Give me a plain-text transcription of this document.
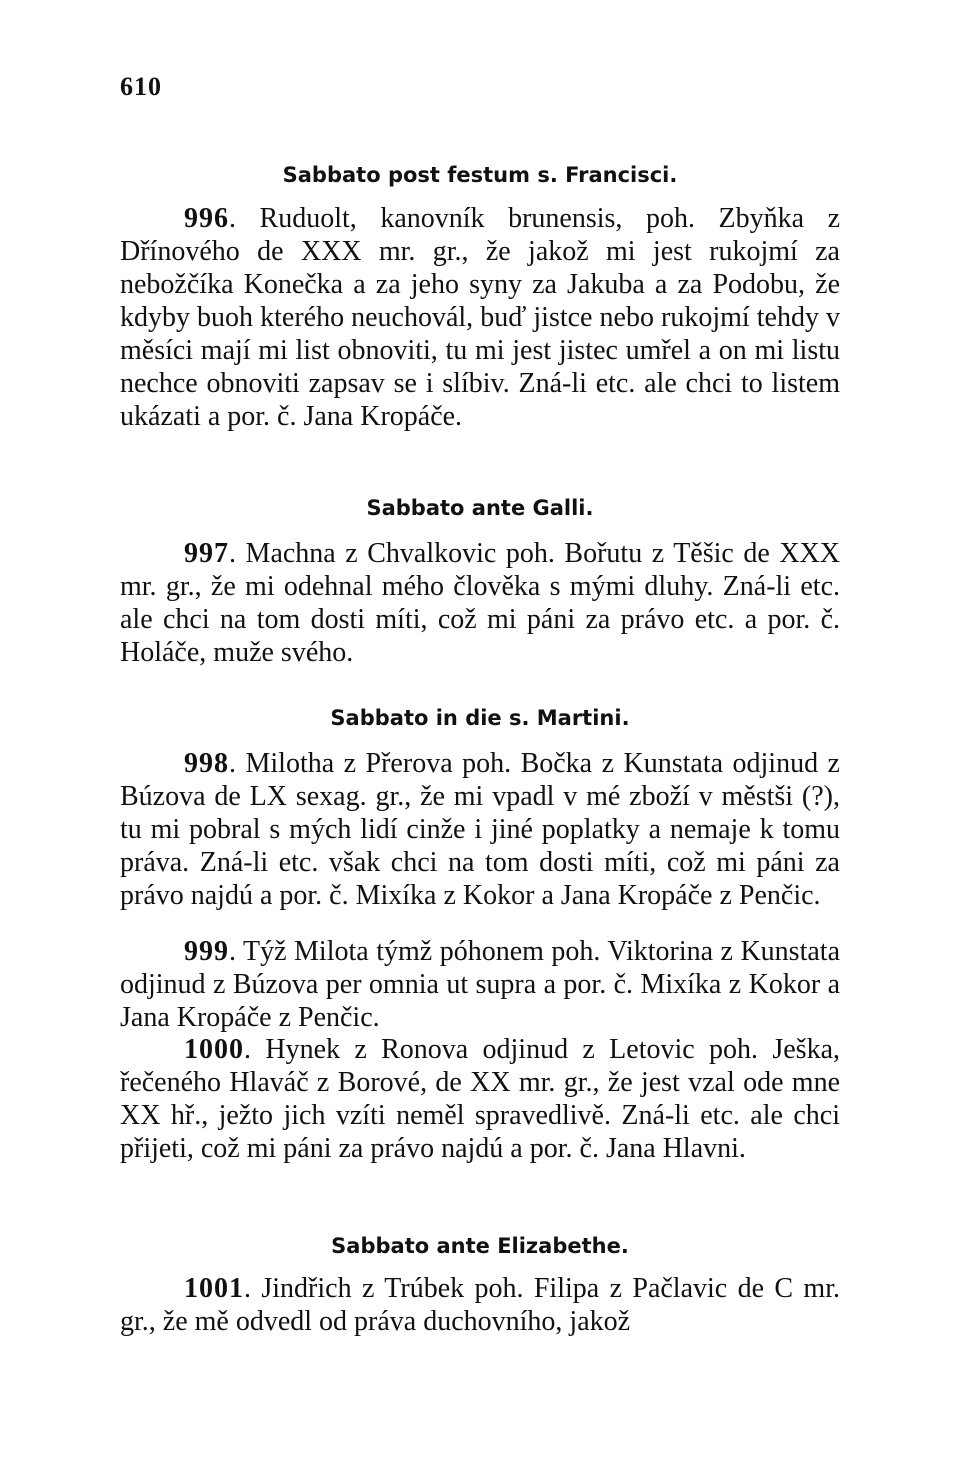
610
Sabbato post festum s. Francisci.
996. Ruduolt, kanovník brunensis, poh. Zbyňka z Dřínového de XXX mr. gr., že jakož mi jest rukojmí za nebožčíka Konečka a za jeho syny za Jakuba a za Podobu, že kdyby buoh kterého neuchovál, buď jistce nebo rukojmí tehdy v měsíci mají mi list obnoviti, tu mi jest jistec umřel a on mi listu nechce obnoviti zapsav se i slíbiv. Zná-li etc. ale chci to listem ukázati a por. č. Jana Kropáče.
Sabbato ante Galli.
997. Machna z Chvalkovic poh. Bořutu z Těšic de XXX mr. gr., že mi odehnal mého člověka s mými dluhy. Zná-li etc. ale chci na tom dosti míti, což mi páni za právo etc. a por. č. Holáče, muže svého.
Sabbato in die s. Martini.
998. Milotha z Přerova poh. Bočka z Kunstata odjinud z Búzova de LX sexag. gr., že mi vpadl v mé zboží v městši (?), tu mi pobral s mých lidí cinže i jiné poplatky a nemaje k tomu práva. Zná-li etc. však chci na tom dosti míti, což mi páni za právo najdú a por. č. Mixíka z Kokor a Jana Kropáče z Penčic.
999. Týž Milota týmž póhonem poh. Viktorina z Kunstata odjinud z Búzova per omnia ut supra a por. č. Mixíka z Kokor a Jana Kropáče z Penčic.
1000. Hynek z Ronova odjinud z Letovic poh. Ješka, řečeného Hlaváč z Borové, de XX mr. gr., že jest vzal ode mne XX hř., ježto jich vzíti neměl spravedlivě. Zná-li etc. ale chci přijeti, což mi páni za právo najdú a por. č. Jana Hlavni.
Sabbato ante Elizabethe.
1001. Jindřich z Trúbek poh. Filipa z Pačlavic de C mr. gr., že mě odvedl od práva duchovního, jakož
